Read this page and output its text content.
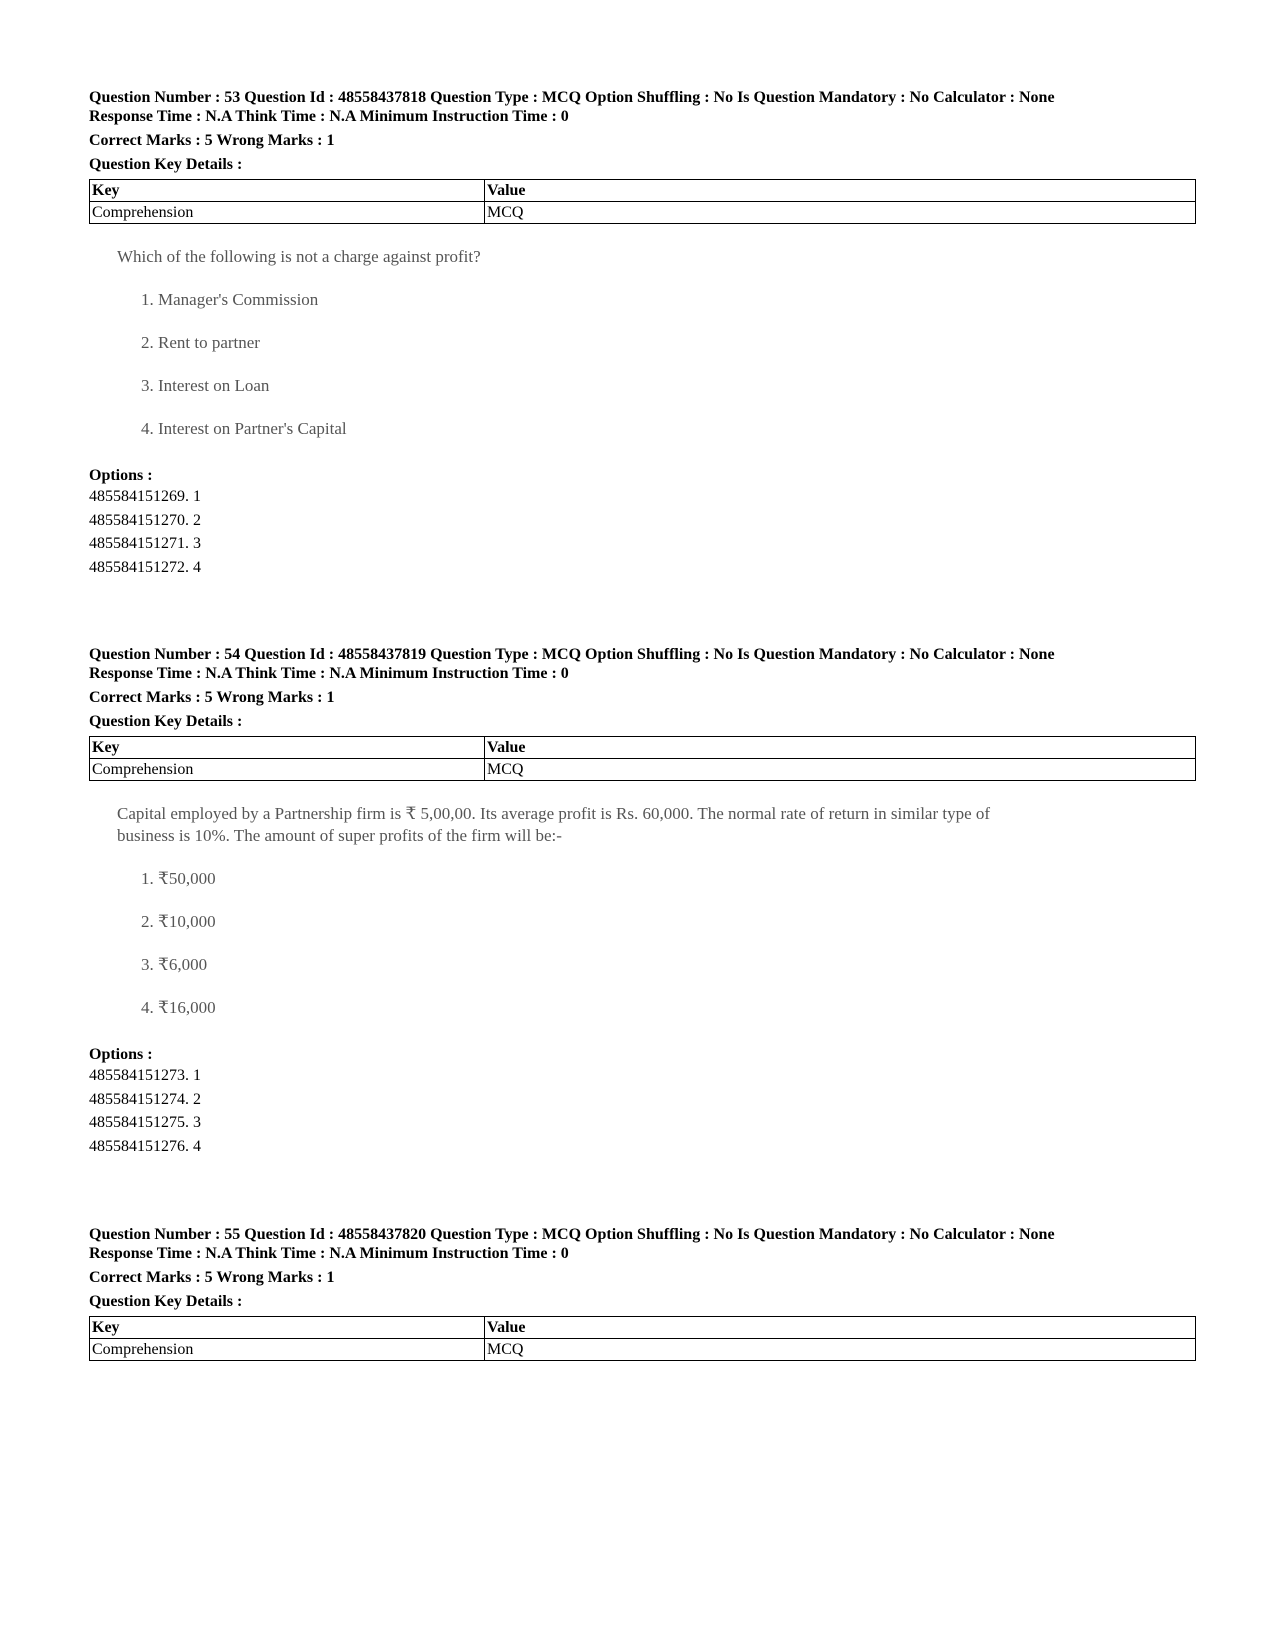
Question Number : 53 Question Id : 48558437818 Question Type : MCQ Option Shuffling : No Is Question Mandatory : No Calculator : None
Response Time : N.A Think Time : N.A Minimum Instruction Time : 0
Correct Marks : 5 Wrong Marks : 1
Question Key Details :
Key	Value
Comprehension	MCQ
Which of the following is not a charge against profit?
1. Manager's Commission
2. Rent to partner
3. Interest on Loan
4. Interest on Partner's Capital
Options :
485584151269. 1
485584151270. 2
485584151271. 3
485584151272. 4
Question Number : 54 Question Id : 48558437819 Question Type : MCQ Option Shuffling : No Is Question Mandatory : No Calculator : None
Response Time : N.A Think Time : N.A Minimum Instruction Time : 0
Correct Marks : 5 Wrong Marks : 1
Question Key Details :
Key	Value
Comprehension	MCQ
Capital employed by a Partnership firm is ₹ 5,00,00. Its average profit is Rs. 60,000. The normal rate of return in similar type of business is 10%. The amount of super profits of the firm will be:-
1. ₹50,000
2. ₹10,000
3. ₹6,000
4. ₹16,000
Options :
485584151273. 1
485584151274. 2
485584151275. 3
485584151276. 4
Question Number : 55 Question Id : 48558437820 Question Type : MCQ Option Shuffling : No Is Question Mandatory : No Calculator : None
Response Time : N.A Think Time : N.A Minimum Instruction Time : 0
Correct Marks : 5 Wrong Marks : 1
Question Key Details :
Key	Value
Comprehension	MCQ
